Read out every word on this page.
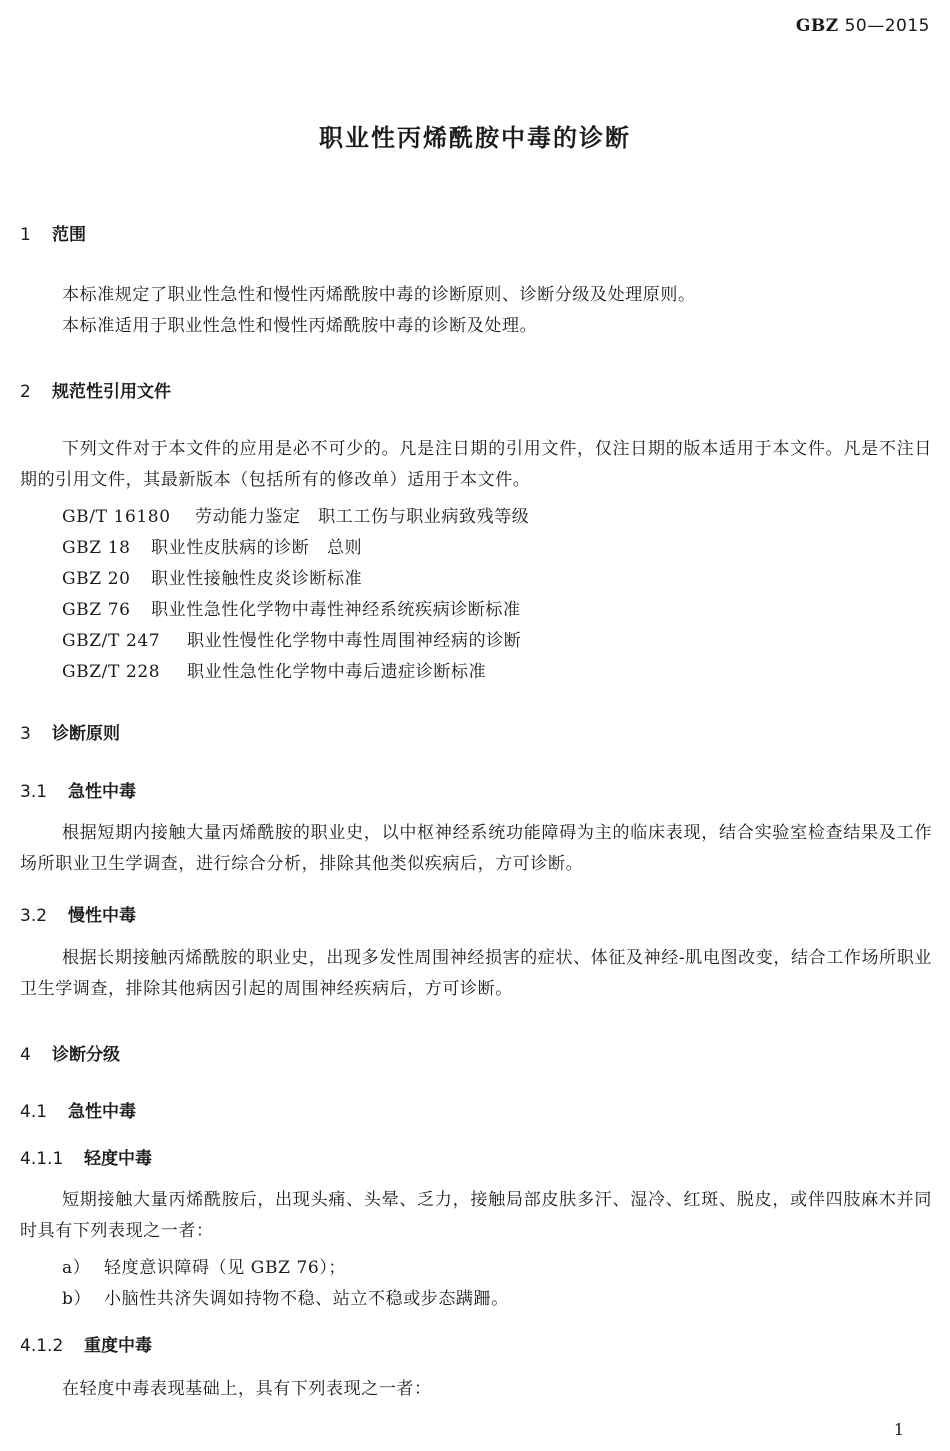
GBZ 50—2015
职业性丙烯酰胺中毒的诊断
1 范围
本标准规定了职业性急性和慢性丙烯酰胺中毒的诊断原则、诊断分级及处理原则。
本标准适用于职业性急性和慢性丙烯酰胺中毒的诊断及处理。
2 规范性引用文件
下列文件对于本文件的应用是必不可少的。凡是注日期的引用文件，仅注日期的版本适用于本文件。凡是不注日期的引用文件，其最新版本（包括所有的修改单）适用于本文件。
GB/T 16180 劳动能力鉴定　职工工伤与职业病致残等级
GBZ 18 职业性皮肤病的诊断　总则
GBZ 20 职业性接触性皮炎诊断标准
GBZ 76 职业性急性化学物中毒性神经系统疾病诊断标准
GBZ/T 247 职业性慢性化学物中毒性周围神经病的诊断
GBZ/T 228 职业性急性化学物中毒后遗症诊断标准
3 诊断原则
3.1 急性中毒
根据短期内接触大量丙烯酰胺的职业史，以中枢神经系统功能障碍为主的临床表现，结合实验室检查结果及工作场所职业卫生学调查，进行综合分析，排除其他类似疾病后，方可诊断。
3.2 慢性中毒
根据长期接触丙烯酰胺的职业史，出现多发性周围神经损害的症状、体征及神经-肌电图改变，结合工作场所职业卫生学调查，排除其他病因引起的周围神经疾病后，方可诊断。
4 诊断分级
4.1 急性中毒
4.1.1 轻度中毒
短期接触大量丙烯酰胺后，出现头痛、头晕、乏力，接触局部皮肤多汗、湿冷、红斑、脱皮，或伴四肢麻木并同时具有下列表现之一者：
a） 轻度意识障碍（见 GBZ 76）；
b） 小脑性共济失调如持物不稳、站立不稳或步态蹒跚。
4.1.2 重度中毒
在轻度中毒表现基础上，具有下列表现之一者：
1
